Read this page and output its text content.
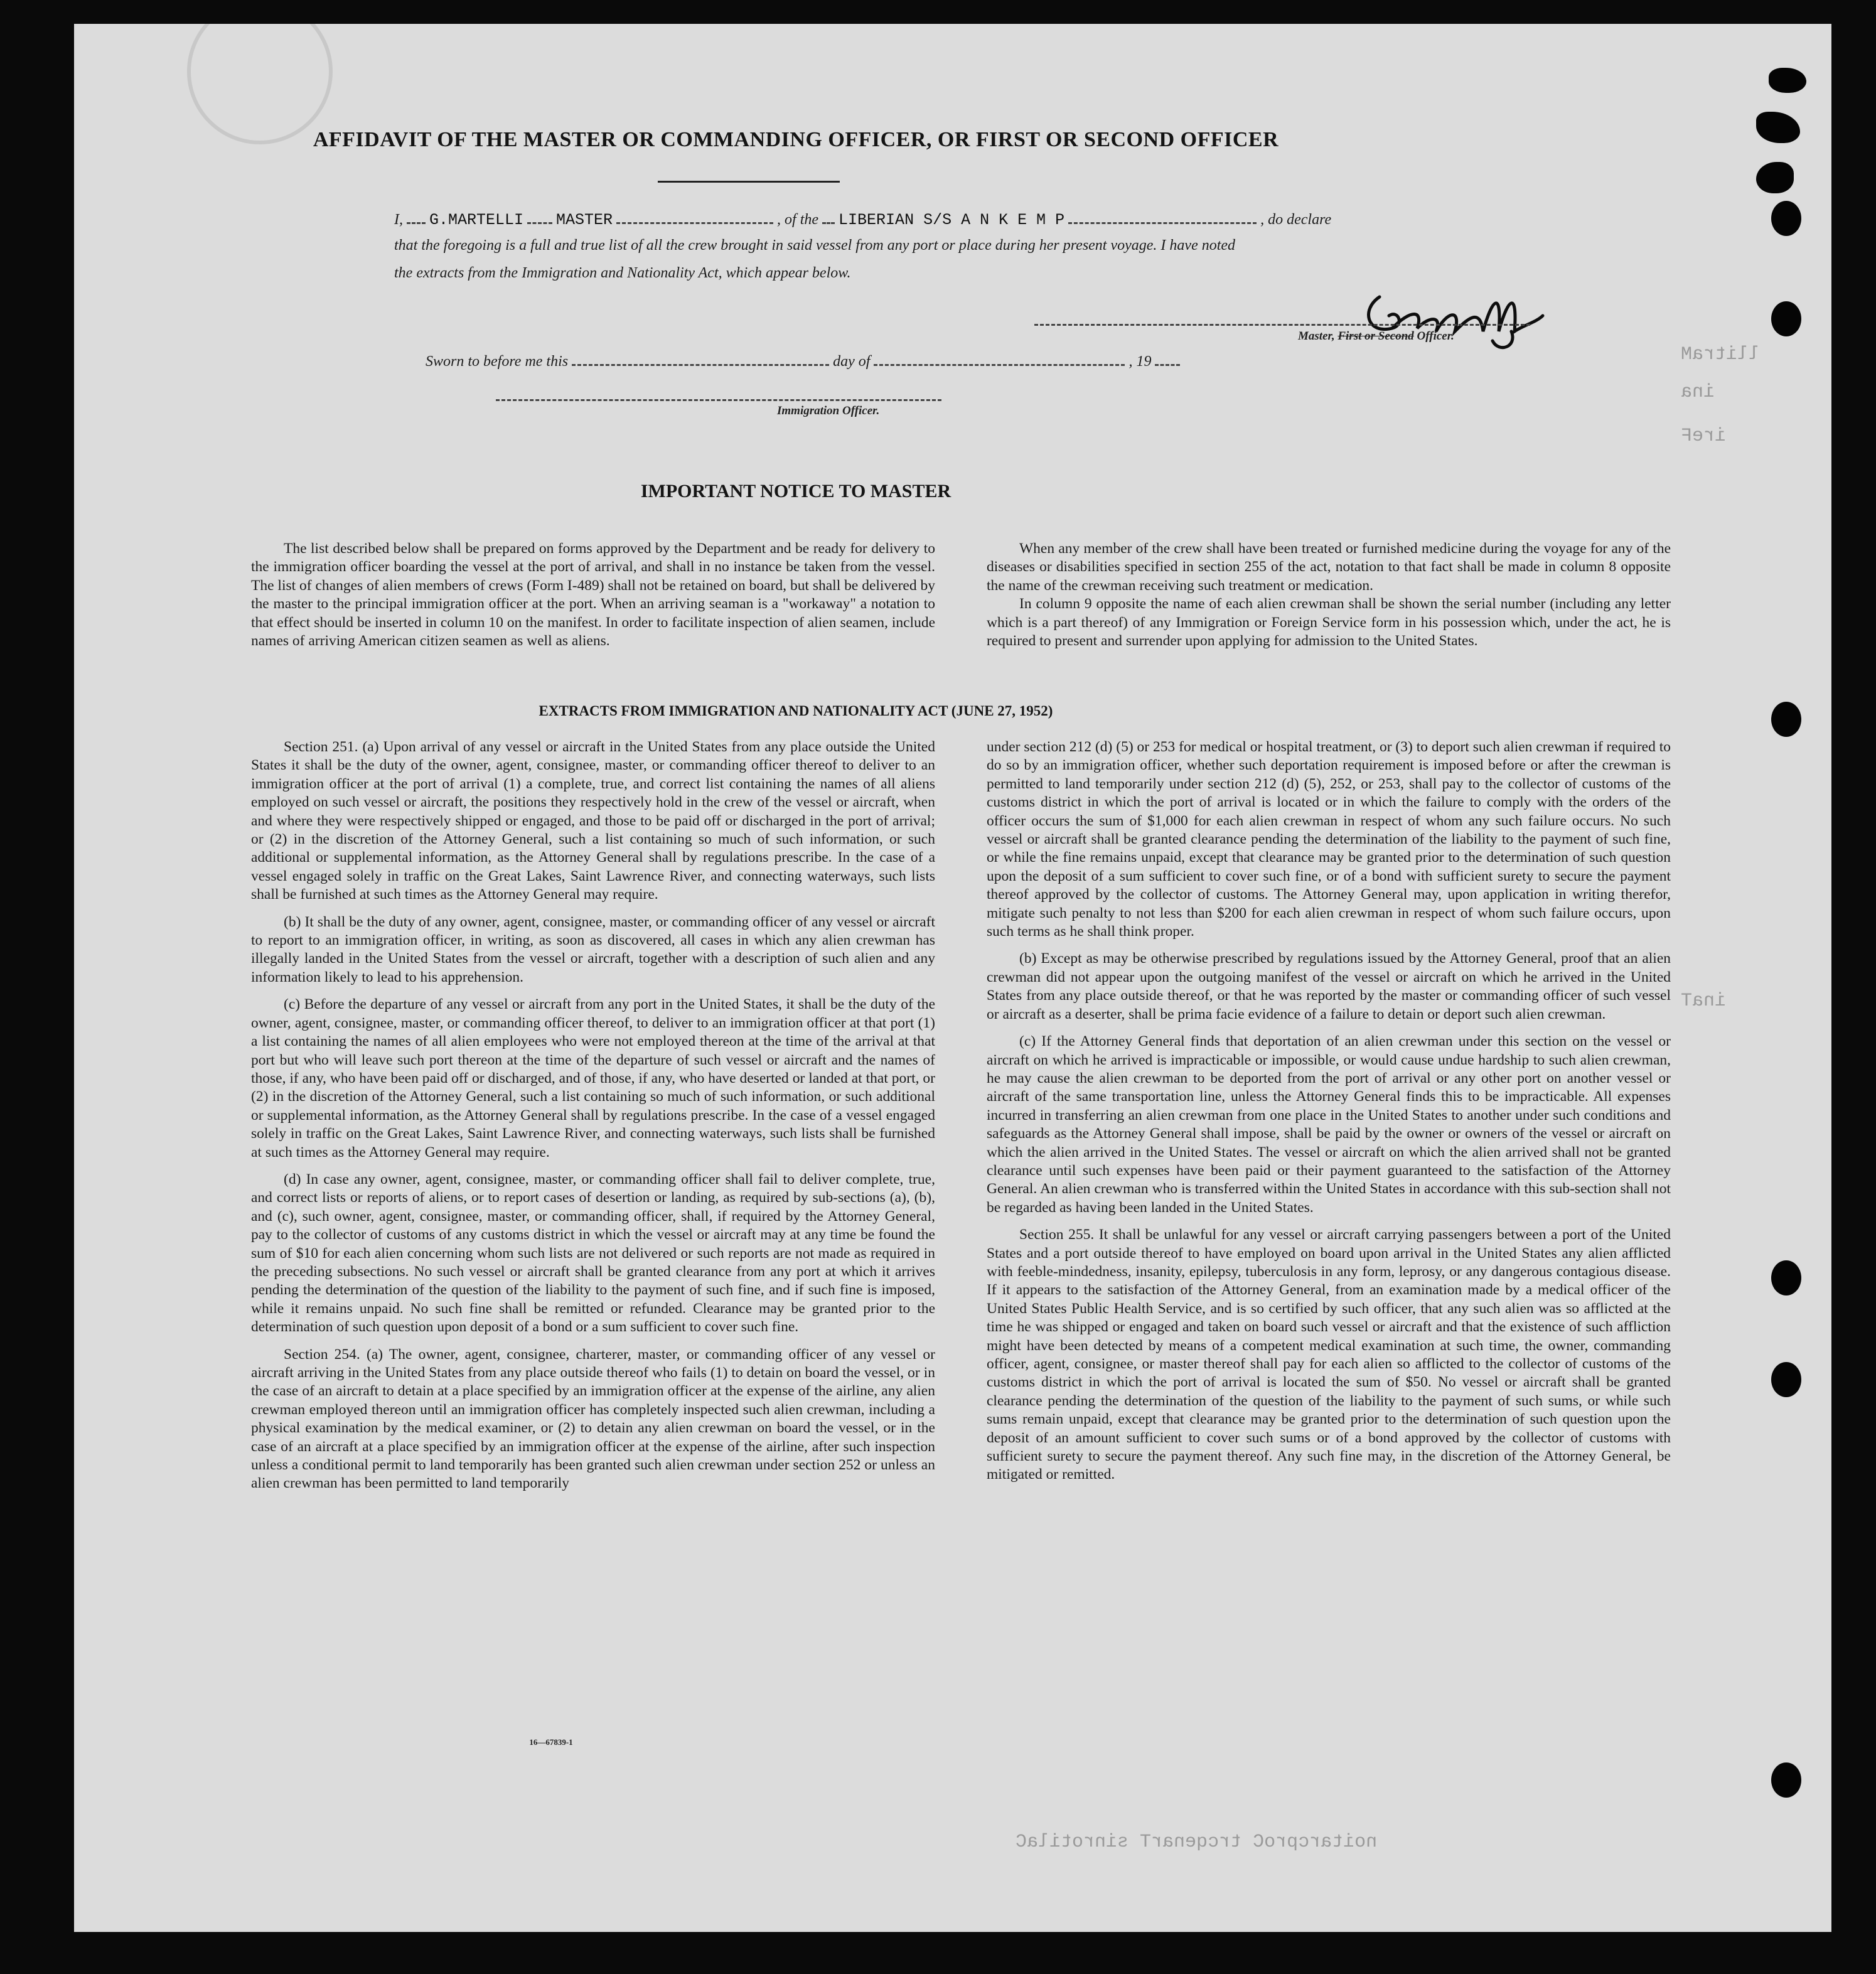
llitraM
ina
ireF
inaT
noitarcproC trcqenarT sinrotilaC
AFFIDAVIT OF THE MASTER OR COMMANDING OFFICER, OR FIRST OR SECOND OFFICER
I, G.MARTELLI MASTER	, of the LIBERIAN S/S A N K E M P	, do declare
that the foregoing is a full and true list of all the crew brought in said vessel from any port or place during her present voyage. I have noted
the extracts from the Immigration and Nationality Act, which appear below.
Master, First or Second Officer.
Sworn to before me this	day of	, 19
Immigration Officer.
IMPORTANT NOTICE TO MASTER

The list described below shall be prepared on forms approved by the Department and be ready for delivery to the immigration officer boarding the vessel at the port of arrival, and shall in no instance be taken from the vessel. The list of changes of alien members of crews (Form I-489) shall not be retained on board, but shall be delivered by the master to the principal immigration officer at the port. When an arriving seaman is a "workaway" a notation to that effect should be inserted in column 10 on the manifest. In order to facilitate inspection of alien seamen, include names of arriving American citizen seamen as well as aliens.

When any member of the crew shall have been treated or furnished medicine during the voyage for any of the diseases or disabilities specified in section 255 of the act, notation to that fact shall be made in column 8 opposite the name of the crewman receiving such treatment or medication.

In column 9 opposite the name of each alien crewman shall be shown the serial number (including any letter which is a part thereof) of any Immigration or Foreign Service form in his possession which, under the act, he is required to present and surrender upon applying for admission to the United States.

EXTRACTS FROM IMMIGRATION AND NATIONALITY ACT (JUNE 27, 1952)

Section 251. (a) Upon arrival of any vessel or aircraft in the United States from any place outside the United States it shall be the duty of the owner, agent, consignee, master, or commanding officer thereof to deliver to an immigration officer at the port of arrival (1) a complete, true, and correct list containing the names of all aliens employed on such vessel or aircraft, the positions they respectively hold in the crew of the vessel or aircraft, when and where they were respectively shipped or engaged, and those to be paid off or discharged in the port of arrival; or (2) in the discretion of the Attorney General, such a list containing so much of such information, or such additional or supplemental information, as the Attorney General shall by regulations prescribe. In the case of a vessel engaged solely in traffic on the Great Lakes, Saint Lawrence River, and connecting waterways, such lists shall be furnished at such times as the Attorney General may require.

(b) It shall be the duty of any owner, agent, consignee, master, or commanding officer of any vessel or aircraft to report to an immigration officer, in writing, as soon as discovered, all cases in which any alien crewman has illegally landed in the United States from the vessel or aircraft, together with a description of such alien and any information likely to lead to his apprehension.

(c) Before the departure of any vessel or aircraft from any port in the United States, it shall be the duty of the owner, agent, consignee, master, or commanding officer thereof, to deliver to an immigration officer at that port (1) a list containing the names of all alien employees who were not employed thereon at the time of the arrival at that port but who will leave such port thereon at the time of the departure of such vessel or aircraft and the names of those, if any, who have been paid off or discharged, and of those, if any, who have deserted or landed at that port, or (2) in the discretion of the Attorney General, such a list containing so much of such information, or such additional or supplemental information, as the Attorney General shall by regulations prescribe. In the case of a vessel engaged solely in traffic on the Great Lakes, Saint Lawrence River, and connecting waterways, such lists shall be furnished at such times as the Attorney General may require.

(d) In case any owner, agent, consignee, master, or commanding officer shall fail to deliver complete, true, and correct lists or reports of aliens, or to report cases of desertion or landing, as required by sub-sections (a), (b), and (c), such owner, agent, consignee, master, or commanding officer, shall, if required by the Attorney General, pay to the collector of customs of any customs district in which the vessel or aircraft may at any time be found the sum of $10 for each alien concerning whom such lists are not delivered or such reports are not made as required in the preceding subsections. No such vessel or aircraft shall be granted clearance from any port at which it arrives pending the determination of the question of the liability to the payment of such fine, and if such fine is imposed, while it remains unpaid. No such fine shall be remitted or refunded. Clearance may be granted prior to the determination of such question upon deposit of a bond or a sum sufficient to cover such fine.

Section 254. (a) The owner, agent, consignee, charterer, master, or commanding officer of any vessel or aircraft arriving in the United States from any place outside thereof who fails (1) to detain on board the vessel, or in the case of an aircraft to detain at a place specified by an immigration officer at the expense of the airline, any alien crewman employed thereon until an immigration officer has completely inspected such alien crewman, including a physical examination by the medical examiner, or (2) to detain any alien crewman on board the vessel, or in the case of an aircraft at a place specified by an immigration officer at the expense of the airline, after such inspection unless a conditional permit to land temporarily has been granted such alien crewman under section 252 or unless an alien crewman has been permitted to land temporarily

under section 212 (d) (5) or 253 for medical or hospital treatment, or (3) to deport such alien crewman if required to do so by an immigration officer, whether such deportation requirement is imposed before or after the crewman is permitted to land temporarily under section 212 (d) (5), 252, or 253, shall pay to the collector of customs of the customs district in which the port of arrival is located or in which the failure to comply with the orders of the officer occurs the sum of $1,000 for each alien crewman in respect of whom any such failure occurs. No such vessel or aircraft shall be granted clearance pending the determination of the liability to the payment of such fine, or while the fine remains unpaid, except that clearance may be granted prior to the determination of such question upon the deposit of a sum sufficient to cover such fine, or of a bond with sufficient surety to secure the payment thereof approved by the collector of customs. The Attorney General may, upon application in writing therefor, mitigate such penalty to not less than $200 for each alien crewman in respect of whom such failure occurs, upon such terms as he shall think proper.

(b) Except as may be otherwise prescribed by regulations issued by the Attorney General, proof that an alien crewman did not appear upon the outgoing manifest of the vessel or aircraft on which he arrived in the United States from any place outside thereof, or that he was reported by the master or commanding officer of such vessel or aircraft as a deserter, shall be prima facie evidence of a failure to detain or deport such alien crewman.

(c) If the Attorney General finds that deportation of an alien crewman under this section on the vessel or aircraft on which he arrived is impracticable or impossible, or would cause undue hardship to such alien crewman, he may cause the alien crewman to be deported from the port of arrival or any other port on another vessel or aircraft of the same transportation line, unless the Attorney General finds this to be impracticable. All expenses incurred in transferring an alien crewman from one place in the United States to another under such conditions and safeguards as the Attorney General shall impose, shall be paid by the owner or owners of the vessel or aircraft on which the alien arrived in the United States. The vessel or aircraft on which the alien arrived shall not be granted clearance until such expenses have been paid or their payment guaranteed to the satisfaction of the Attorney General. An alien crewman who is transferred within the United States in accordance with this sub-section shall not be regarded as having been landed in the United States.

Section 255. It shall be unlawful for any vessel or aircraft carrying passengers between a port of the United States and a port outside thereof to have employed on board upon arrival in the United States any alien afflicted with feeble-mindedness, insanity, epilepsy, tuberculosis in any form, leprosy, or any dangerous contagious disease. If it appears to the satisfaction of the Attorney General, from an examination made by a medical officer of the United States Public Health Service, and is so certified by such officer, that any such alien was so afflicted at the time he was shipped or engaged and taken on board such vessel or aircraft and that the existence of such affliction might have been detected by means of a competent medical examination at such time, the owner, commanding officer, agent, consignee, or master thereof shall pay for each alien so afflicted to the collector of customs of the customs district in which the port of arrival is located the sum of $50. No vessel or aircraft shall be granted clearance pending the determination of the question of the liability to the payment of such sums, or while such sums remain unpaid, except that clearance may be granted prior to the determination of such question upon the deposit of an amount sufficient to cover such sums or of a bond approved by the collector of customs with sufficient surety to secure the payment thereof. Any such fine may, in the discretion of the Attorney General, be mitigated or remitted.

16—67839-1
